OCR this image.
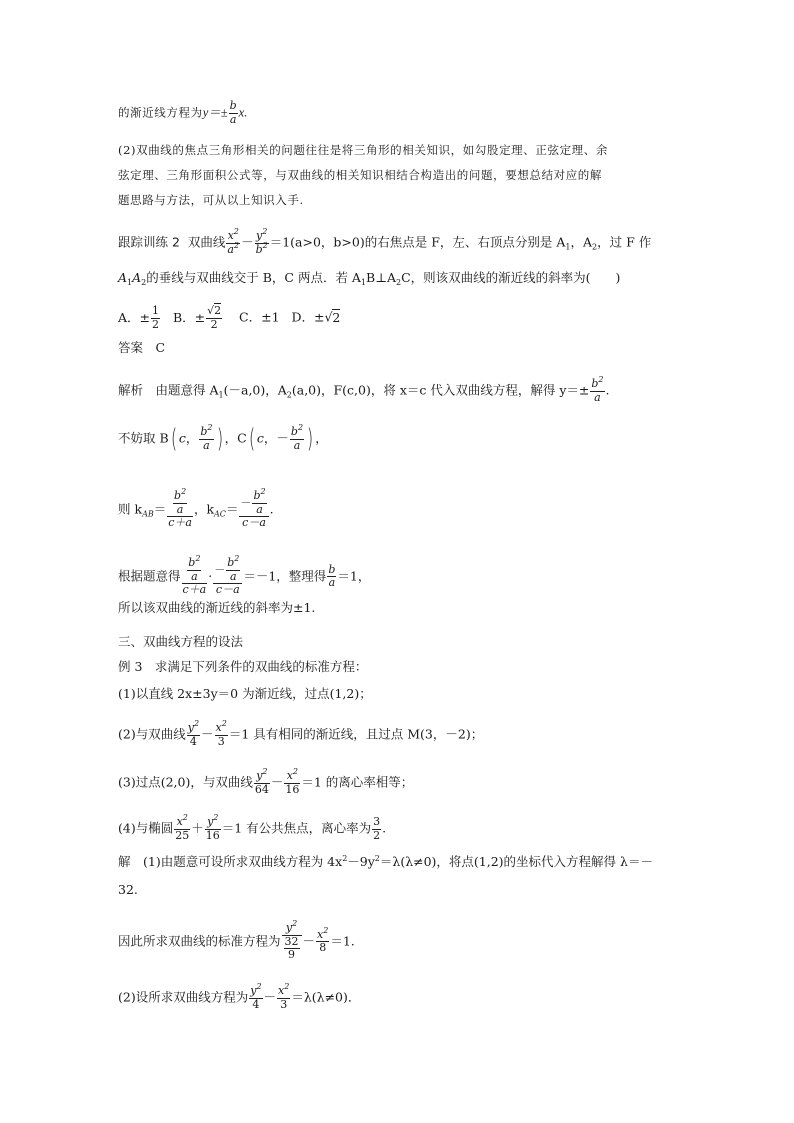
的渐近线方程为$y=\pm \frac{b}{a} x$.
(2)双曲线的焦点三角形相关的问题往往是将三角形的相关知识，如勾股定理、正弦定理、余
弦定理、三角形面积公式等，与双曲线的相关知识相结合构造出的问题，要想总结对应的解
题思路与方法，可从以上知识入手.
跟踪训练 2 双曲线 $\frac{x^2}{a^2} - \frac{y^2}{b^2} =1(a>0$，b>0)的右焦点是 F，左、右顶点分别是 $A_1$，$A_2$，过 F 作
$A_1A_2$的垂线与双曲线交于 B，C 两点．若 $A_1B\perp A_2C$，则该双曲线的渐近线的斜率为(　　)
A．± $\frac{1}{2}$ B．± $\frac{√2}{2}$ C．±1 D．±√2
答案　C
解析　由题意得 $A_1(-a,0)$，$A_2(a,0)$，F(c,0)，将 x＝c 代入双曲线方程，解得 $y=\pm \frac{b^2}{a}$ .
不妨取 B( c， $\frac{b^2}{a}$ ) ，C( c，－ $\frac{b^2}{a}$ ) ，
则 $k_{AB}= \frac{\frac{b^2}{a}}{c+a}$ ，$k_{AC}= \frac{- \frac{b^2}{a}}{c-a}$ .
根据题意得 $\frac{\frac{b^2}{a}}{c+a} \cdot \frac{- \frac{b^2}{a}}{c-a} =-1$，整理得 $\frac{b}{a} =1$，
所以该双曲线的渐近线的斜率为±1.
三、双曲线方程的设法
例 3　求满足下列条件的双曲线的标准方程：
(1)以直线 2x±3y＝0 为渐近线，过点(1,2)；
(2)与双曲线 $\frac{y^2}{4} - \frac{x^2}{3} =1$ 具有相同的渐近线，且过点 M(3，－2)；
(3)过点(2,0)，与双曲线 $\frac{y^2}{64} - \frac{x^2}{16} =1$ 的离心率相等；
(4)与椭圆 $\frac{x^2}{25} + \frac{y^2}{16} =1$ 有公共焦点，离心率为 $\frac{3}{2}$ .
解　(1)由题意可设所求双曲线方程为 $4x^2-9y^2=\lambda(\lambda\ne 0)$，将点(1,2)的坐标代入方程解得 λ＝－
32.
因此所求双曲线的标准方程为 $\frac{y^2}{\frac{32}{9}} - \frac{x^2}{8} =1$.
(2)设所求双曲线方程为 $\frac{y^2}{4} - \frac{x^2}{3} =\lambda(\lambda\ne 0)$．
